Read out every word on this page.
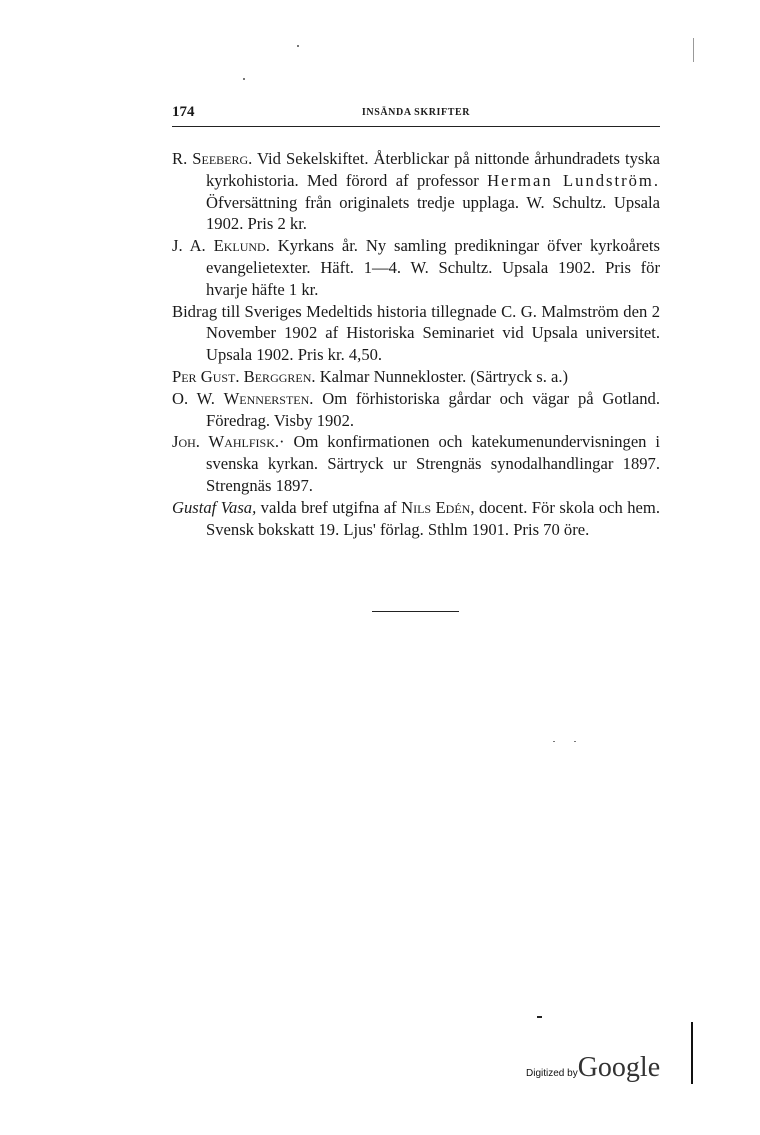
174	INSÄNDA SKRIFTER

R. Seeberg. Vid Sekelskiftet. Återblickar på nittonde århundradets tyska kyrkohistoria. Med förord af professor Herman Lundström. Öfversättning från originalets tredje upplaga. W. Schultz. Upsala 1902. Pris 2 kr.

J. A. Eklund. Kyrkans år. Ny samling predikningar öfver kyrkoårets evangelietexter. Häft. 1—4. W. Schultz. Upsala 1902. Pris för hvarje häfte 1 kr.

Bidrag till Sveriges Medeltids historia tillegnade C. G. Malmström den 2 November 1902 af Historiska Seminariet vid Upsala universitet. Upsala 1902. Pris kr. 4,50.

Per Gust. Berggren. Kalmar Nunnekloster. (Särtryck s. a.)

O. W. Wennersten. Om förhistoriska gårdar och vägar på Gotland. Föredrag. Visby 1902.

Joh. Wahlfisk.· Om konfirmationen och katekumenundervisningen i svenska kyrkan. Särtryck ur Strengnäs synodalhandlingar 1897. Strengnäs 1897.

Gustaf Vasa, valda bref utgifna af Nils Edén, docent. För skola och hem. Svensk bokskatt 19. Ljus' förlag. Sthlm 1901. Pris 70 öre.

Digitized byGoogle
